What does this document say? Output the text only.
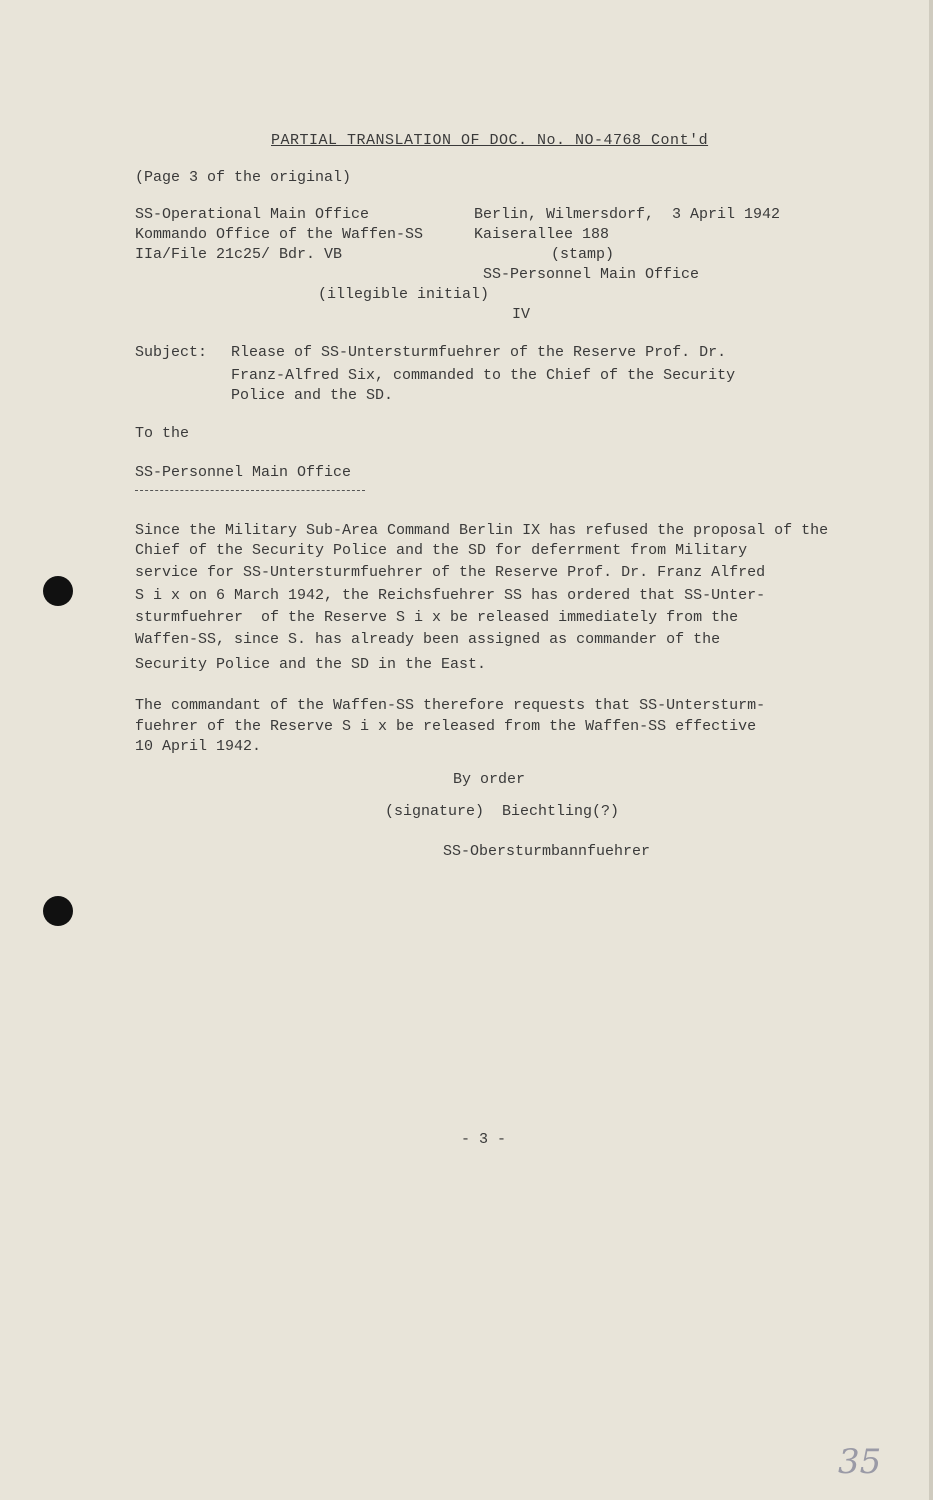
PARTIAL TRANSLATION OF DOC. No. NO-4768 Cont'd
(Page 3 of the original)
SS-Operational Main Office
Kommando Office of the Waffen-SS
IIa/File 21c25/ Bdr. VB
Berlin, Wilmersdorf,  3 April 1942
Kaiserallee 188
(stamp)
SS-Personnel Main Office
(illegible initial)
IV
Subject: Rlease of SS-Untersturmfuehrer of the Reserve Prof. Dr.
Franz-Alfred Six, commanded to the Chief of the Security
Police and the SD.
To the
SS-Personnel Main Office
Since the Military Sub-Area Command Berlin IX has refused the proposal of the
Chief of the Security Police and the SD for deferrment from Military
service for SS-Untersturmfuehrer of the Reserve Prof. Dr. Franz Alfred
S i x on 6 March 1942, the Reichsfuehrer SS has ordered that SS-Unter-
sturmfuehrer  of the Reserve S i x be released immediately from the
Waffen-SS, since S. has already been assigned as commander of the
Security Police and the SD in the East.
The commandant of the Waffen-SS therefore requests that SS-Untersturm-
fuehrer of the Reserve S i x be released from the Waffen-SS effective
10 April 1942.
By order
(signature)  Biechtling(?)
SS-Obersturmbannfuehrer
- 3 -
35
